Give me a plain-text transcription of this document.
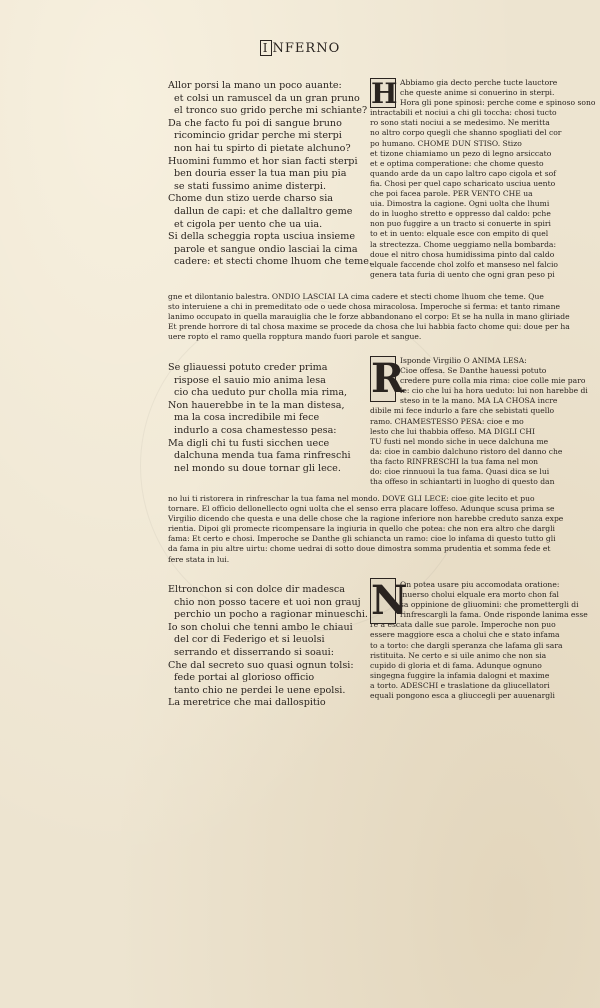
I NFERNO
Allor porsi la mano un poco auante:
et colsi un ramuscel da un gran pruno
el tronco suo grido perche mi schiante?
Da che facto fu poi di sangue bruno
ricomincio gridar perche mi sterpi
non hai tu spirto di pietate alchuno?
Huomini fummo et hor sian facti sterpi
ben douria esser la tua man piu pia
se stati fussimo anime disterpi.
Chome dun stizo uerde charso sia
dallun de capi: et che dallaltro geme
et cigola per uento che ua uia.
Si della scheggia ropta usciua insieme
parole et sangue ondio lasciai la cima
cadere: et stecti chome lhuom che teme.
H Abbiamo gia decto perche tucte lauctore
che queste anime si conuerino in sterpi.
Hora gli pone spinosi: perche come e spinoso sono
intractabili et nociui a chi gli toccha: chosi tucto
ro sono stati nociui a se medesimo. Ne meritta
no altro corpo quegli che shanno spogliati del cor
po humano. CHOME DUN STISO. Stizo
et tizone chiamiamo un pezo di legno arsiccato
et e optima comperatione: che chome questo
quando arde da un capo laltro capo cigola et sof
fia. Chosi per quel capo scharicato usciua uento
che poi facea parole. PER VENTO CHE ua
uia. Dimostra la cagione. Ogni uolta che lhumi
do in luogho stretto e oppresso dal caldo: pche
non puo fuggire a un tracto si conuerte in spiri
to et in uento: elquale esce con empito di quel
la strectezza. Chome ueggiamo nella bombarda:
doue el nitro chosa humidissima pinto dal caldo
elquale faccende chol zolfo et manseso nel falcio
genera tata furia di uento che ogni gran peso pi
gne et dilontanio balestra. ONDIO LASCIAI LA cima cadere et stecti chome lhuom che teme. Que
sto interuiene a chi in premeditato ode o uede chosa miracolosa. Imperoche si ferma: et tanto rimane
lanimo occupato in quella marauiglia che le forze abbandonano el corpo: Et se ha nulla in mano gliriade
Et prende horrore di tal chosa maxime se procede da chosa che lui habbia facto chome qui: doue per ha
uere ropto el ramo quella ropptura mando fuori parole et sangue.
Se gliauessi potuto creder prima
rispose el sauio mio anima lesa
cio cha ueduto pur cholla mia rima,
Non hauerebbe in te la man distesa,
ma la cosa incredibile mi fece
indurlo a cosa chamestesso pesa:
Ma digli chi tu fusti sicchen uece
dalchuna menda tua fama rinfreschi
nel mondo su doue tornar gli lece.
R
Isponde Virgilio O ANIMA LESA:
Cioe offesa. Se Danthe hauessi potuto
credere pure colla mia rima: cioe colle mie paro
le: cio che lui ha hora ueduto: lui non harebbe di
steso in te la mano. MA LA CHOSA incre
dibile mi fece indurlo a fare che sebistati quello
ramo. CHAMESTESSO PESA: cioe e mo
lesto che lui thabbia offeso. MA DIGLI CHI
TU fusti nel mondo siche in uece dalchuna me
da: cioe in cambio dalchuno ristoro del danno che
tha facto RINFRESCHI la tua fama nel mon
do: cioe rinnuoui la tua fama. Quasi dica se lui
tha offeso in schiantarti in luogho di questo dan
no lui ti ristorera in rinfreschar la tua fama nel mondo. DOVE GLI LECE: cioe gite lecito et puo
tornare. El officio dellonellecto ogni uolta che el senso erra placare loffeso. Adunque scusa prima se
Virgilio dicendo che questa e una delle chose che la ragione inferiore non harebbe creduto sanza expe
rientia. Dipoi gli promecte ricompensare la ingiuria in quello che potea: che non era altro che dargli
fama: Et certo e chosi. Imperoche se Danthe gli schiancta un ramo: cioe lo infama di questo tutto gli
da fama in piu altre uirtu: chome uedrai di sotto doue dimostra somma prudentia et somma fede et
fere stata in lui.
Eltronchon si con dolce dir madesca
chio non posso tacere et uoi non grauj
perchio un pocho a ragionar minueschi.
Io son cholui che tenni ambo le chiaui
del cor di Federigo et si leuolsi
serrando et disserrando si soaui:
Che dal secreto suo quasi ognun tolsi:
fede portai al glorioso officio
tanto chio ne perdei le uene epolsi.
La meretrice che mai dallospitio
N
On potea usare piu accomodata oratione:
inuerso cholui elquale era morto chon fal
sa oppinione de gliuomini: che promettergli di
rinfrescargli la fama. Onde risponde lanima esse
re a escata dalle sue parole. Imperoche non puo
essere maggiore esca a cholui che e stato infama
to a torto: che dargli speranza che lafama gli sara
ristituita. Ne certo e si uile animo che non sia
cupido di gloria et di fama. Adunque ognuno
singegna fuggire la infamia dalogni et maxime
a torto. ADESCHI e traslatione da gliucellatori
equali pongono esca a gliuccegli per auuenargli
